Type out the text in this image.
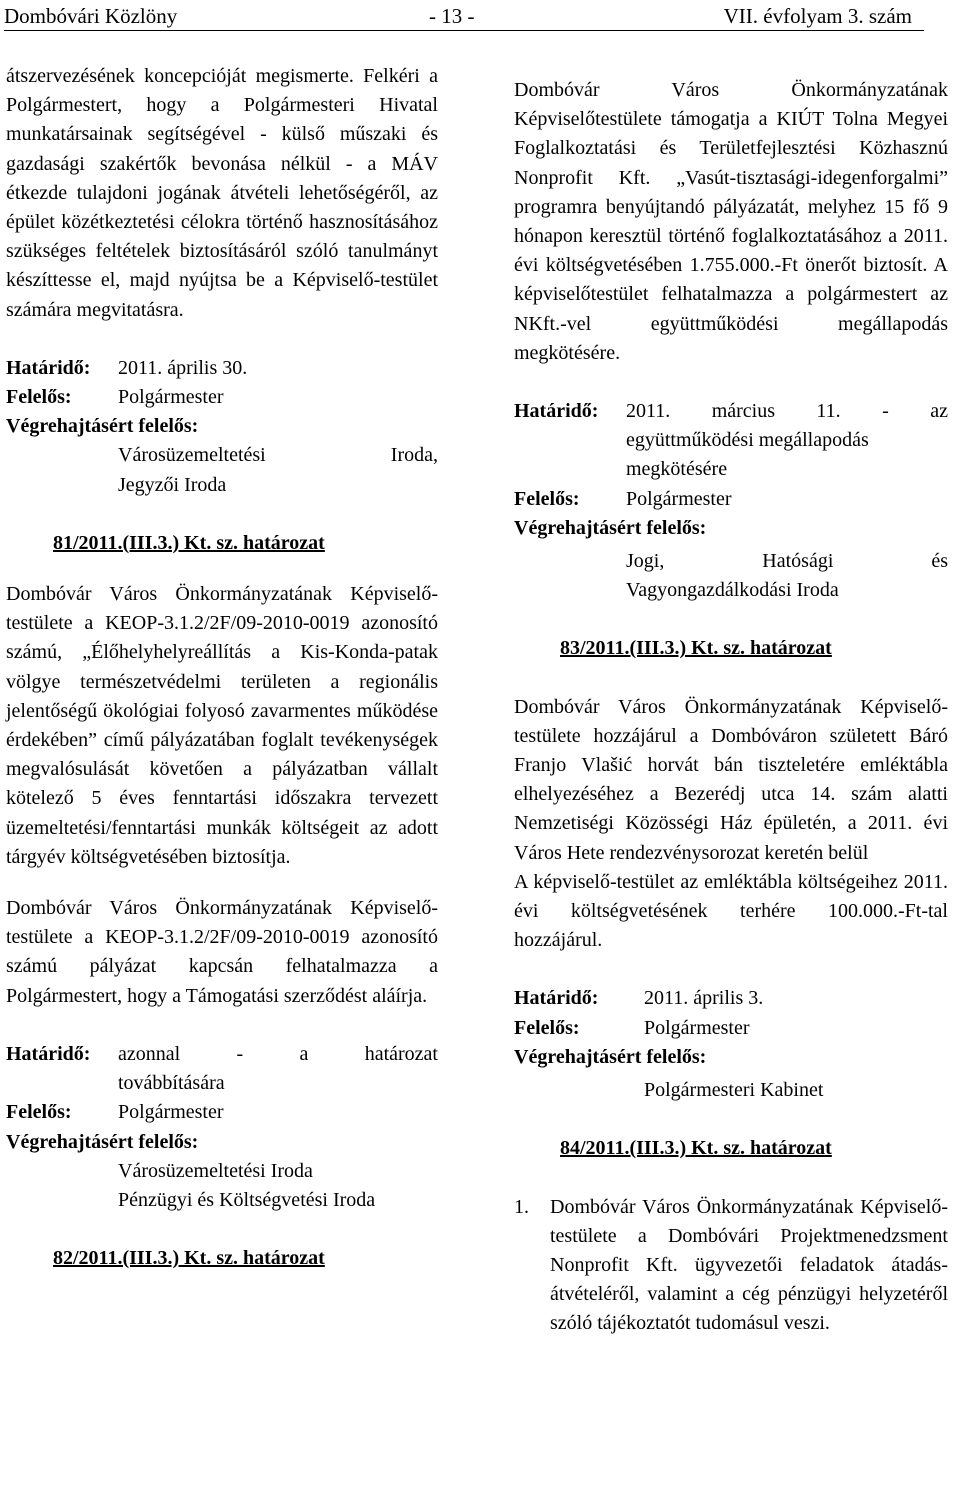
Dombóvári Közlöny	- 13 -	VII. évfolyam 3. szám

átszervezésének koncepcióját megismerte. Felkéri a Polgármestert, hogy a Polgármesteri Hivatal munkatársainak segítségével - külső műszaki és gazdasági szakértők bevonása nélkül - a MÁV étkezde tulajdoni jogának átvételi lehetőségéről, az épület közétkeztetési célokra történő hasznosításához szükséges feltételek biztosításáról szóló tanulmányt készíttesse el, majd nyújtsa be a Képviselő-testület számára megvitatásra.

Határidő:	2011. április 30.
Felelős:	Polgármester
Végrehajtásért felelős:
Városüzemeltetési	Iroda,
Jegyzői Iroda
81/2011.(III.3.) Kt. sz. határozat

Dombóvár Város Önkormányzatának Képviselő-testülete a KEOP-3.1.2/2F/09-2010-0019 azonosító számú, „Élőhelyhelyreállítás a Kis-Konda-patak völgye természetvédelmi területen a regionális jelentőségű ökológiai folyosó zavarmentes működése érdekében” című pályázatában foglalt tevékenységek megvalósulását követően a pályázatban vállalt kötelező 5 éves fenntartási időszakra tervezett üzemeltetési/fenntartási munkák költségeit az adott tárgyév költségvetésében biztosítja.

Dombóvár Város Önkormányzatának Képviselő-testülete a KEOP-3.1.2/2F/09-2010-0019 azonosító számú pályázat kapcsán felhatalmazza a Polgármestert, hogy a Támogatási szerződést aláírja.

Határidő:	azonnal	-	a	határozat
továbbítására
Felelős:	Polgármester
Végrehajtásért felelős:
Városüzemeltetési Iroda
Pénzügyi és Költségvetési Iroda
82/2011.(III.3.) Kt. sz. határozat

Dombóvár Város Önkormányzatának Képviselőtestülete támogatja a KIÚT Tolna Megyei Foglalkoztatási és Területfejlesztési Közhasznú Nonprofit Kft. „Vasút-tisztasági-idegenforgalmi” programra benyújtandó pályázatát, melyhez 15 fő 9 hónapon keresztül történő foglalkoztatásához a 2011. évi költségvetésében 1.755.000.-Ft önerőt biztosít. A képviselőtestület felhatalmazza a polgármestert az NKft.-vel együttműködési megállapodás megkötésére.

Határidő:	2011. március 11. - az
együttműködési megállapodás
megkötésére
Felelős:	Polgármester
Végrehajtásért felelős:
Jogi,	Hatósági	és
Vagyongazdálkodási Iroda
83/2011.(III.3.) Kt. sz. határozat

Dombóvár Város Önkormányzatának Képviselő-testülete hozzájárul a Dombóváron született Báró Franjo Vlašić horvát bán tiszteletére emléktábla elhelyezéséhez a Bezerédj utca 14. szám alatti Nemzetiségi Közösségi Ház épületén, a 2011. évi Város Hete rendezvénysorozat keretén belül

A képviselő-testület az emléktábla költségeihez 2011. évi költségvetésének terhére 100.000.-Ft-tal hozzájárul.

Határidő:	2011. április 3.
Felelős:	Polgármester
Végrehajtásért felelős:
Polgármesteri Kabinet
84/2011.(III.3.) Kt. sz. határozat
1.	Dombóvár Város Önkormányzatának Képviselő-testülete a Dombóvári Projektmenedzsment Nonprofit Kft. ügyvezetői feladatok átadás-átvételéről, valamint a cég pénzügyi helyzetéről szóló tájékoztatót tudomásul veszi.
